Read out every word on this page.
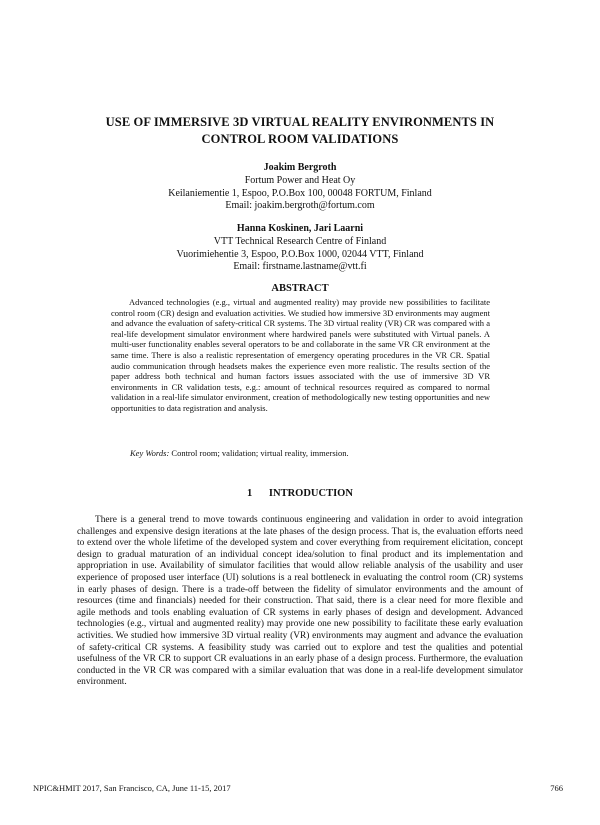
USE OF IMMERSIVE 3D VIRTUAL REALITY ENVIRONMENTS IN
CONTROL ROOM VALIDATIONS
Joakim Bergroth
Fortum Power and Heat Oy
Keilaniementie 1, Espoo, P.O.Box 100, 00048 FORTUM, Finland
Email: joakim.bergroth@fortum.com
Hanna Koskinen, Jari Laarni
VTT Technical Research Centre of Finland
Vuorimiehentie 3, Espoo, P.O.Box 1000, 02044 VTT, Finland
Email: firstname.lastname@vtt.fi
ABSTRACT

Advanced technologies (e.g., virtual and augmented reality) may provide new possibilities to facilitate control room (CR) design and evaluation activities. We studied how immersive 3D environments may augment and advance the evaluation of safety-critical CR systems. The 3D virtual reality (VR) CR was compared with a real-life development simulator environment where hardwired panels were substituted with Virtual panels. A multi-user functionality enables several operators to be and collaborate in the same VR CR environment at the same time. There is also a realistic representation of emergency operating procedures in the VR CR. Spatial audio communication through headsets makes the experience even more realistic. The results section of the paper address both technical and human factors issues associated with the use of immersive 3D VR environments in CR validation tests, e.g.: amount of technical resources required as compared to normal validation in a real-life simulator environment, creation of methodologically new testing opportunities and new opportunities to data registration and analysis.

Key Words: Control room; validation; virtual reality, immersion.
1 INTRODUCTION

There is a general trend to move towards continuous engineering and validation in order to avoid integration challenges and expensive design iterations at the late phases of the design process. That is, the evaluation efforts need to extend over the whole lifetime of the developed system and cover everything from requirement elicitation, concept design to gradual maturation of an individual concept idea/solution to final product and its implementation and appropriation in use. Availability of simulator facilities that would allow reliable analysis of the usability and user experience of proposed user interface (UI) solutions is a real bottleneck in evaluating the control room (CR) systems in early phases of design. There is a trade-off between the fidelity of simulator environments and the amount of resources (time and financials) needed for their construction. That said, there is a clear need for more flexible and agile methods and tools enabling evaluation of CR systems in early phases of design and development. Advanced technologies (e.g., virtual and augmented reality) may provide one new possibility to facilitate these early evaluation activities. We studied how immersive 3D virtual reality (VR) environments may augment and advance the evaluation of safety-critical CR systems. A feasibility study was carried out to explore and test the qualities and potential usefulness of the VR CR to support CR evaluations in an early phase of a design process. Furthermore, the evaluation conducted in the VR CR was compared with a similar evaluation that was done in a real-life development simulator environment.

NPIC&HMIT 2017, San Francisco, CA, June 11-15, 2017	766
